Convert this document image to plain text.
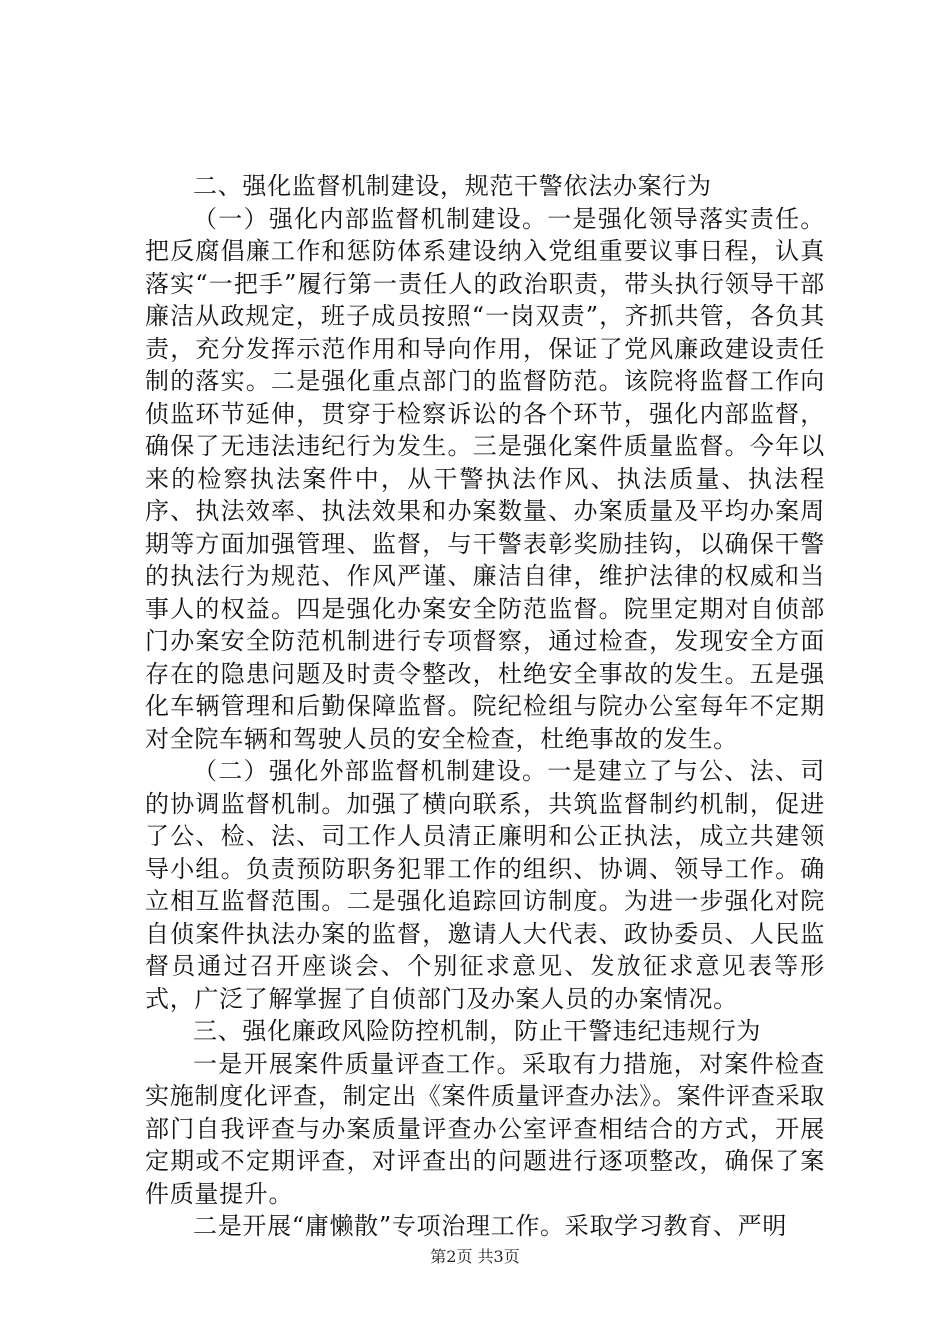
二、强化监督机制建设，规范干警依法办案行为

（一）强化内部监督机制建设。一是强化领导落实责任。把反腐倡廉工作和惩防体系建设纳入党组重要议事日程，认真落实“一把手”履行第一责任人的政治职责，带头执行领导干部廉洁从政规定，班子成员按照“一岗双责”，齐抓共管，各负其责，充分发挥示范作用和导向作用，保证了党风廉政建设责任制的落实。二是强化重点部门的监督防范。该院将监督工作向侦监环节延伸，贯穿于检察诉讼的各个环节，强化内部监督，确保了无违法违纪行为发生。三是强化案件质量监督。今年以来的检察执法案件中，从干警执法作风、执法质量、执法程序、执法效率、执法效果和办案数量、办案质量及平均办案周期等方面加强管理、监督，与干警表彰奖励挂钩，以确保干警的执法行为规范、作风严谨、廉洁自律，维护法律的权威和当事人的权益。四是强化办案安全防范监督。院里定期对自侦部门办案安全防范机制进行专项督察，通过检查，发现安全方面存在的隐患问题及时责令整改，杜绝安全事故的发生。五是强化车辆管理和后勤保障监督。院纪检组与院办公室每年不定期对全院车辆和驾驶人员的安全检查，杜绝事故的发生。

（二）强化外部监督机制建设。一是建立了与公、法、司的协调监督机制。加强了横向联系，共筑监督制约机制，促进了公、检、法、司工作人员清正廉明和公正执法，成立共建领导小组。负责预防职务犯罪工作的组织、协调、领导工作。确立相互监督范围。二是强化追踪回访制度。为进一步强化对院自侦案件执法办案的监督，邀请人大代表、政协委员、人民监督员通过召开座谈会、个别征求意见、发放征求意见表等形式，广泛了解掌握了自侦部门及办案人员的办案情况。

三、强化廉政风险防控机制，防止干警违纪违规行为

一是开展案件质量评查工作。采取有力措施，对案件检查实施制度化评查，制定出《案件质量评查办法》。案件评查采取部门自我评查与办案质量评查办公室评查相结合的方式，开展定期或不定期评查，对评查出的问题进行逐项整改，确保了案件质量提升。

二是开展“庸懒散”专项治理工作。采取学习教育、严明

第2页 共3页
